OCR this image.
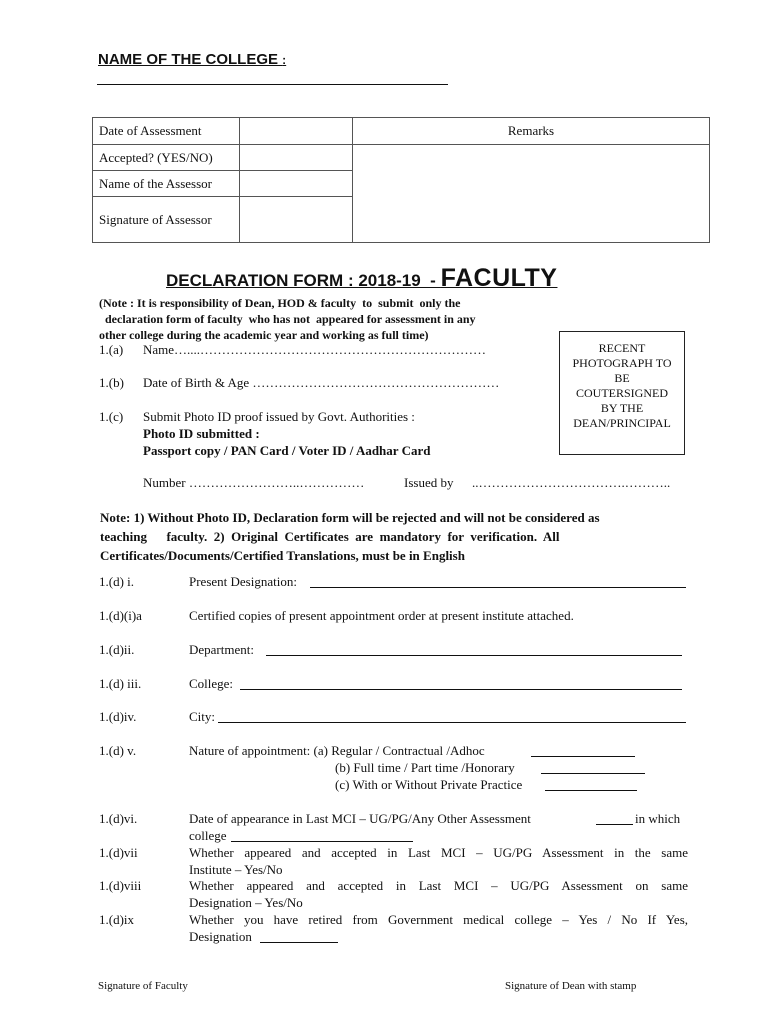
NAME OF THE COLLEGE :
Date of Assessment		Remarks
Accepted? (YES/NO)		
Name of the Assessor		
Signature of Assessor		
DECLARATION FORM : 2018-19  - FACULTY
(Note : It is responsibility of Dean, HOD & faculty  to  submit  only the
declaration form of faculty  who has not  appeared for assessment in any
other college during the academic year and working as full time)
RECENT
PHOTOGRAPH TO
BE
COUTERSIGNED
BY THE
DEAN/PRINCIPAL
1.(a) Name…....…………………………………………………………
1.(b) Date of Birth & Age …………………………………………………
1.(c) Submit Photo ID proof issued by Govt. Authorities :
Photo ID submitted :
Passport copy / PAN Card / Voter ID / Aadhar Card
Number ……………………..……………	Issued by ..…………………………….………..
Note: 1) Without Photo ID, Declaration form will be rejected and will not be considered as
teaching      faculty.  2)  Original  Certificates  are  mandatory  for  verification.  All
Certificates/Documents/Certified Translations, must be in English
1.(d) i.	Present Designation:
1.(d)(i)a	Certified copies of present appointment order at present institute attached.
1.(d)ii.	Department:
1.(d) iii.	College:
1.(d)iv.	City:
1.(d) v.	Nature of appointment: (a) Regular / Contractual /Adhoc
(b) Full time / Part time /Honorary
(c) With or Without Private Practice
1.(d)vi.	Date of appearance in Last MCI – UG/PG/Any Other Assessment	in which
college
1.(d)vii	Whether appeared and accepted in Last MCI – UG/PG Assessment in the same
Institute – Yes/No
1.(d)viii	Whether appeared and accepted in Last MCI – UG/PG Assessment on same
Designation – Yes/No
1.(d)ix	Whether you have retired from Government medical college – Yes / No If Yes,
Designation
Signature of Faculty	Signature of Dean with stamp
